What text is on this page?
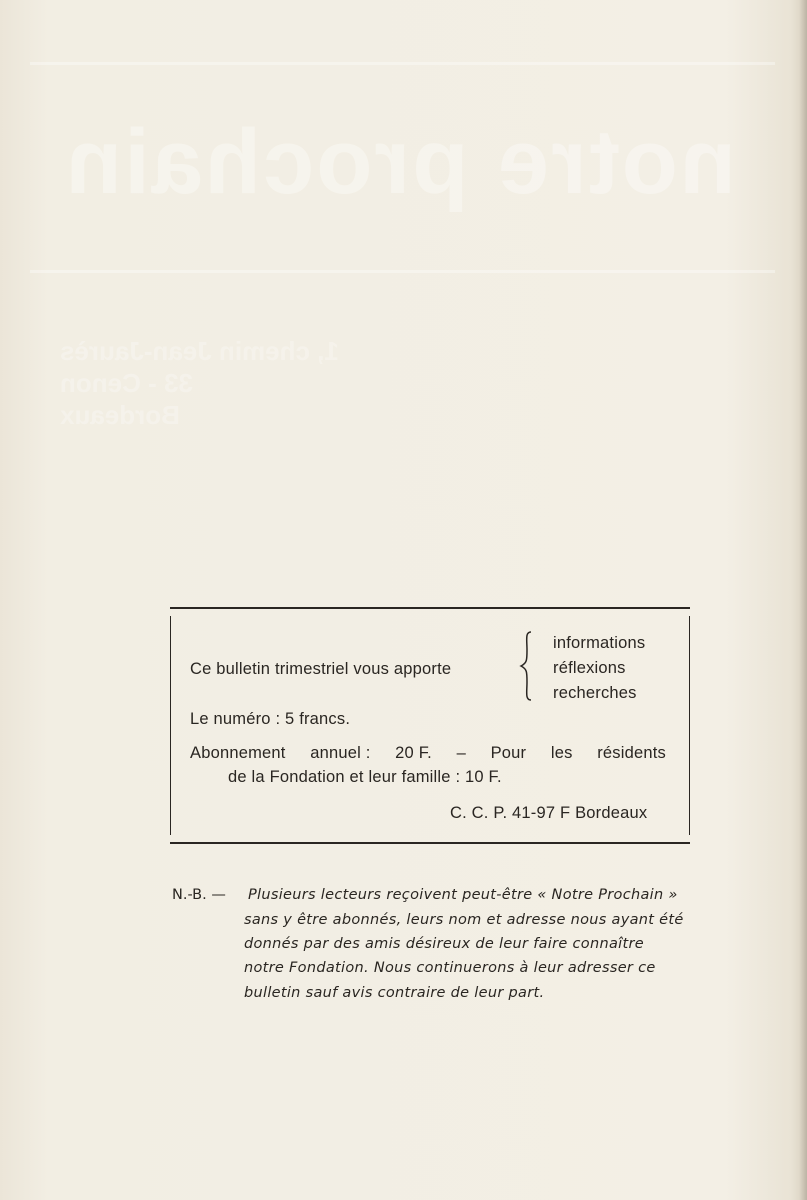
notre prochain
1, chemin Jean-Jaurès
33 - Cenon
Bordeaux
Ce bulletin trimestriel vous apporte
informations
réflexions
recherches
Le numéro : 5 francs.
Abonnement annuel : 20 F. – Pour les résidents
de la Fondation et leur famille : 10 F.
C. C. P. 41-97 F Bordeaux
N.-B. — Plusieurs lecteurs reçoivent peut-être « Notre Prochain »
sans y être abonnés, leurs nom et adresse nous ayant été
donnés par des amis désireux de leur faire connaître
notre Fondation. Nous continuerons à leur adresser ce
bulletin sauf avis contraire de leur part.
